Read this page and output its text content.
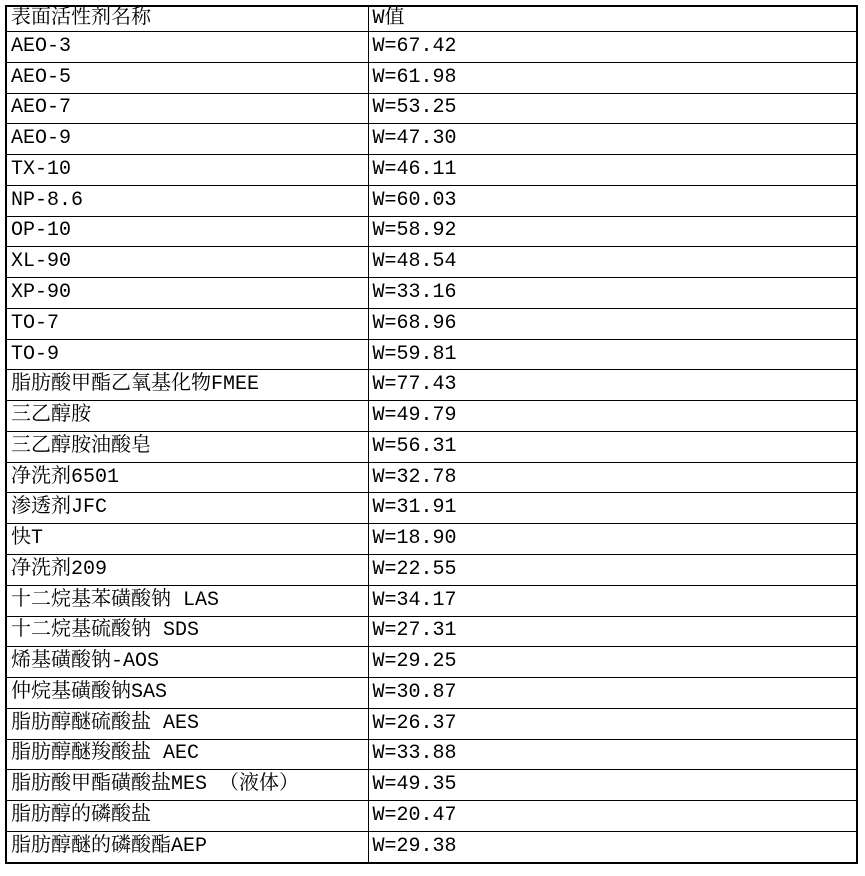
表面活性剂名称	W值
AEO-3	W=67.42
AEO-5	W=61.98
AEO-7	W=53.25
AEO-9	W=47.30
TX-10	W=46.11
NP-8.6	W=60.03
OP-10	W=58.92
XL-90	W=48.54
XP-90	W=33.16
TO-7	W=68.96
TO-9	W=59.81
脂肪酸甲酯乙氧基化物FMEE	W=77.43
三乙醇胺	W=49.79
三乙醇胺油酸皂	W=56.31
净洗剂6501	W=32.78
渗透剂JFC	W=31.91
快T	W=18.90
净洗剂209	W=22.55
十二烷基苯磺酸钠 LAS	W=34.17
十二烷基硫酸钠 SDS	W=27.31
烯基磺酸钠-AOS	W=29.25
仲烷基磺酸钠SAS	W=30.87
脂肪醇醚硫酸盐 AES	W=26.37
脂肪醇醚羧酸盐 AEC	W=33.88
脂肪酸甲酯磺酸盐MES （液体）	W=49.35
脂肪醇的磷酸盐	W=20.47
脂肪醇醚的磷酸酯AEP	W=29.38
